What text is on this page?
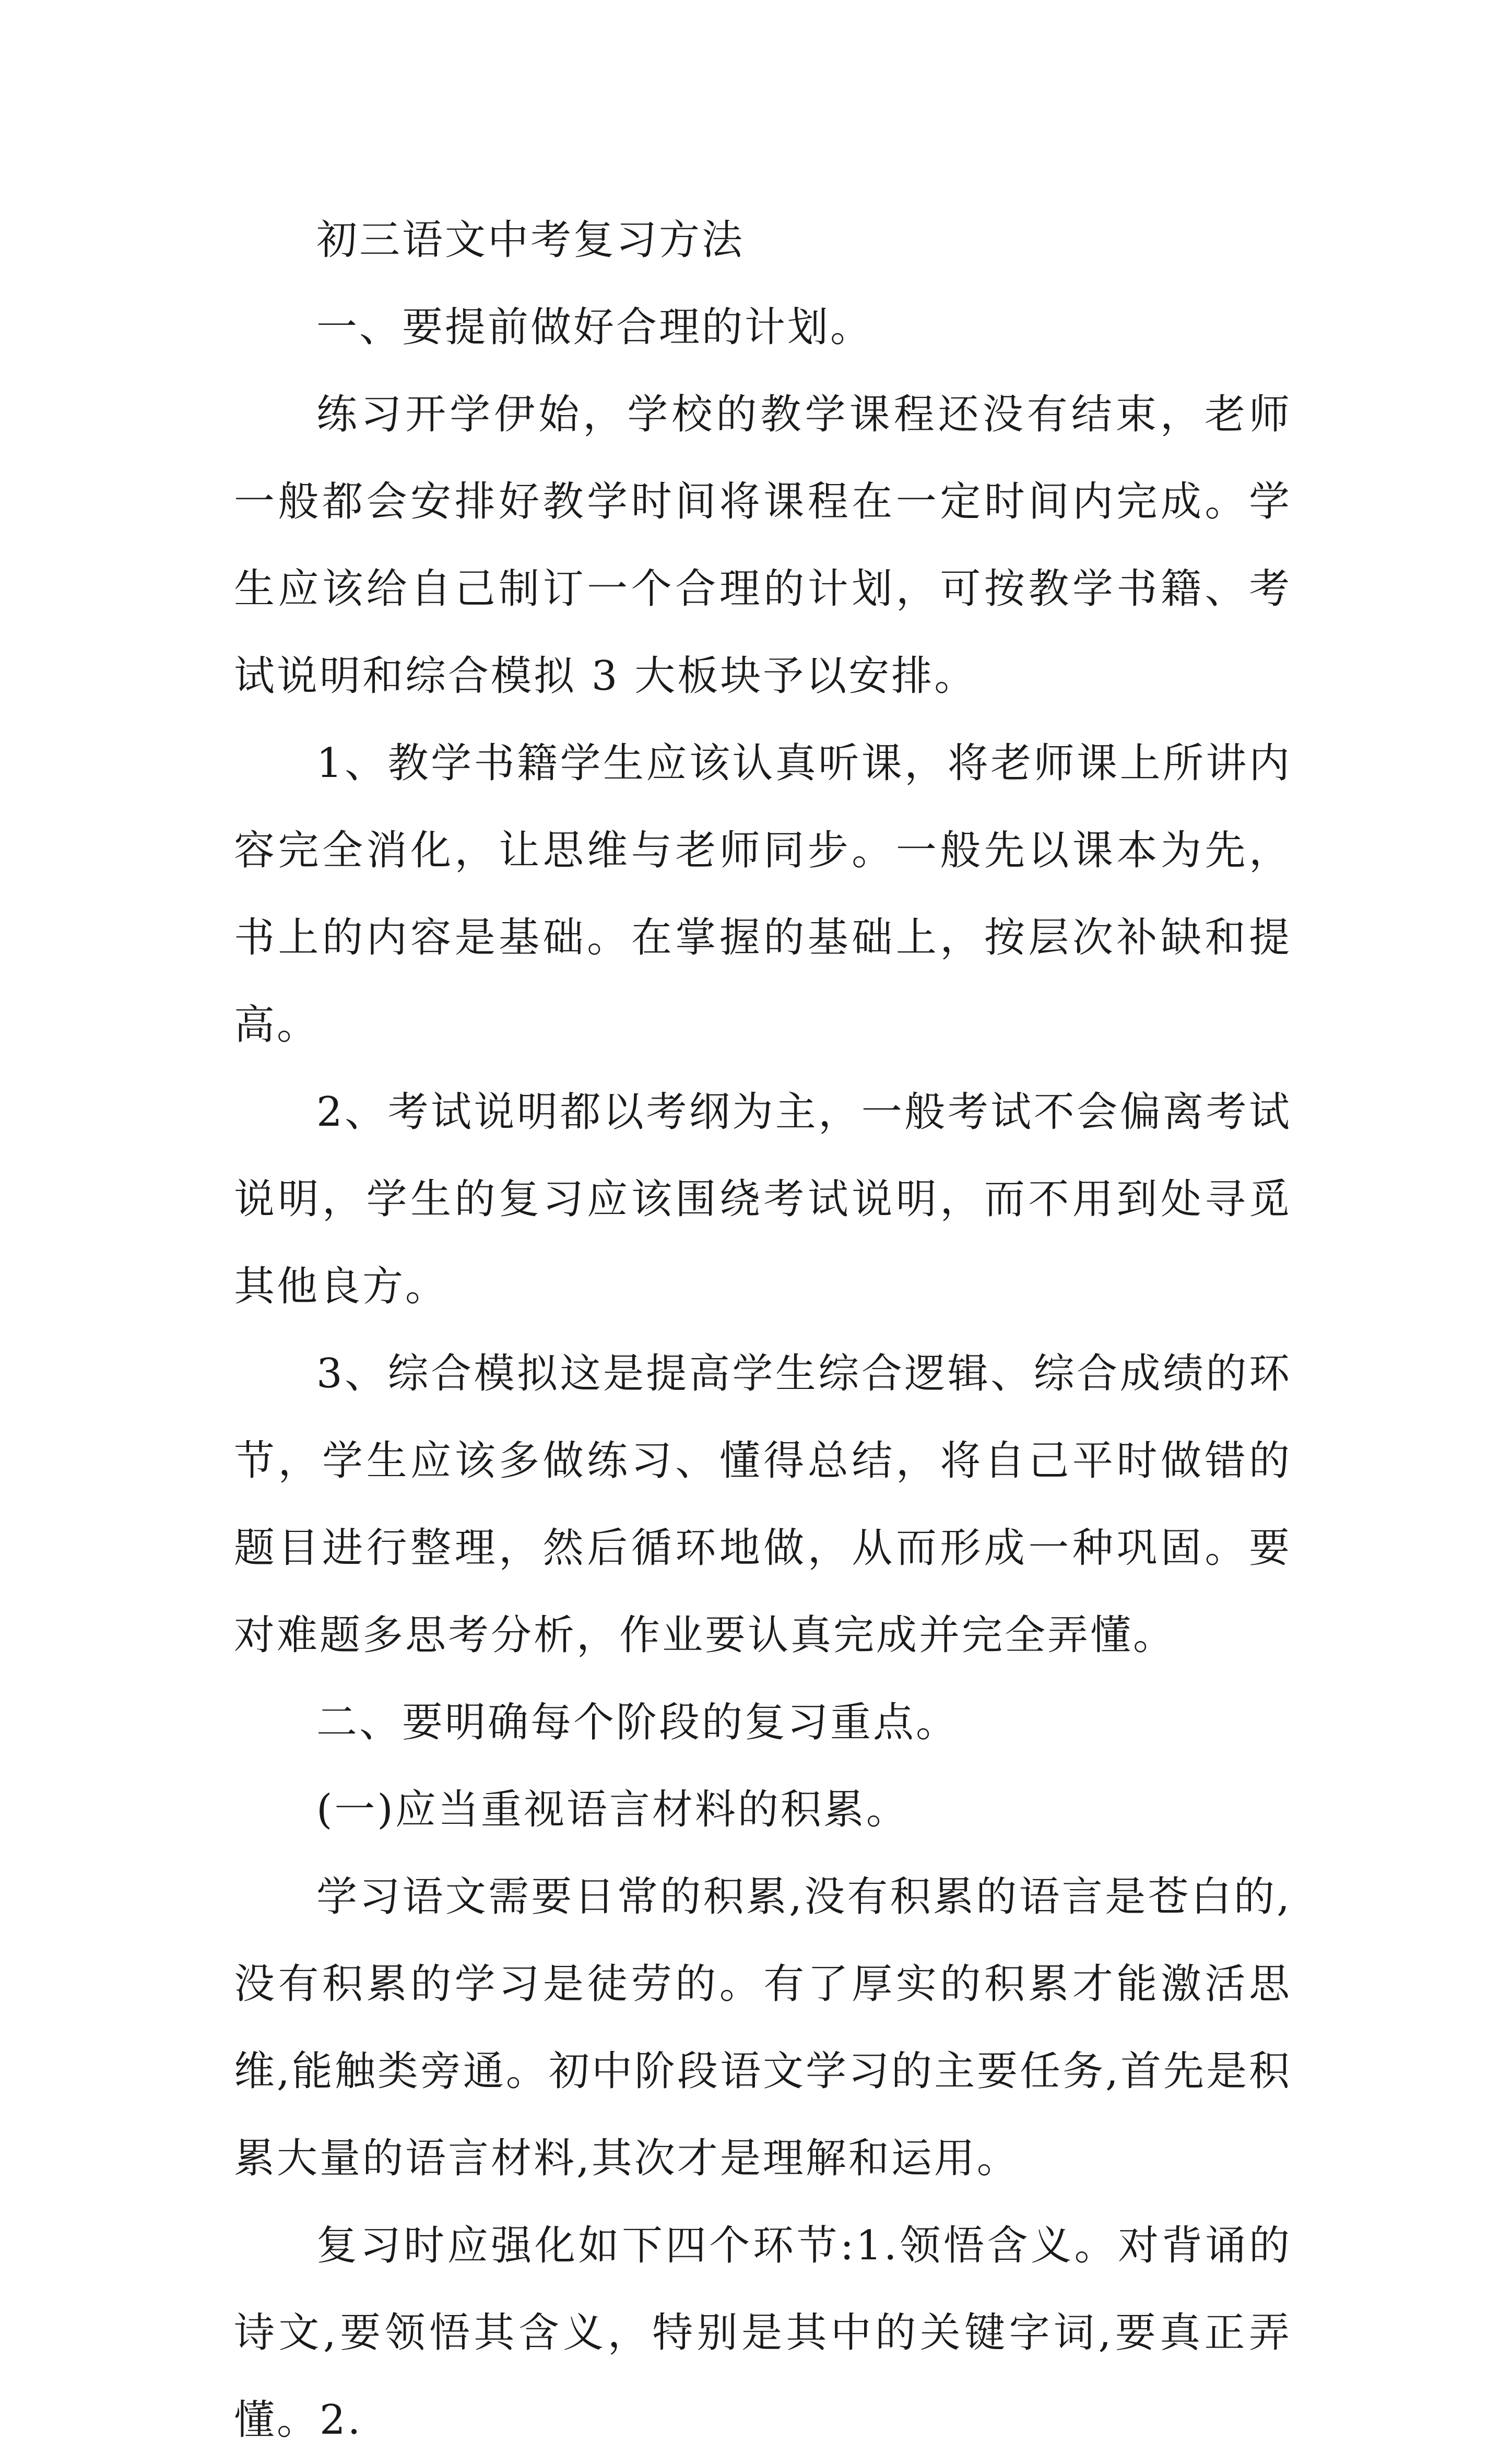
初三语文中考复习方法

一、要提前做好合理的计划。

练习开学伊始，学校的教学课程还没有结束，老师一般都会安排好教学时间将课程在一定时间内完成。学生应该给自己制订一个合理的计划，可按教学书籍、考试说明和综合模拟 3 大板块予以安排。

1、教学书籍学生应该认真听课，将老师课上所讲内容完全消化，让思维与老师同步。一般先以课本为先，书上的内容是基础。在掌握的基础上，按层次补缺和提高。

2、考试说明都以考纲为主，一般考试不会偏离考试说明，学生的复习应该围绕考试说明，而不用到处寻觅其他良方。

3、综合模拟这是提高学生综合逻辑、综合成绩的环节，学生应该多做练习、懂得总结，将自己平时做错的题目进行整理，然后循环地做，从而形成一种巩固。要对难题多思考分析，作业要认真完成并完全弄懂。

二、要明确每个阶段的复习重点。

(一)应当重视语言材料的积累。

学习语文需要日常的积累,没有积累的语言是苍白的,没有积累的学习是徒劳的。有了厚实的积累才能激活思维,能触类旁通。初中阶段语文学习的主要任务,首先是积累大量的语言材料,其次才是理解和运用。

复习时应强化如下四个环节:1.领悟含义。对背诵的诗文,要领悟其含义，特别是其中的关键字词,要真正弄懂。2.
